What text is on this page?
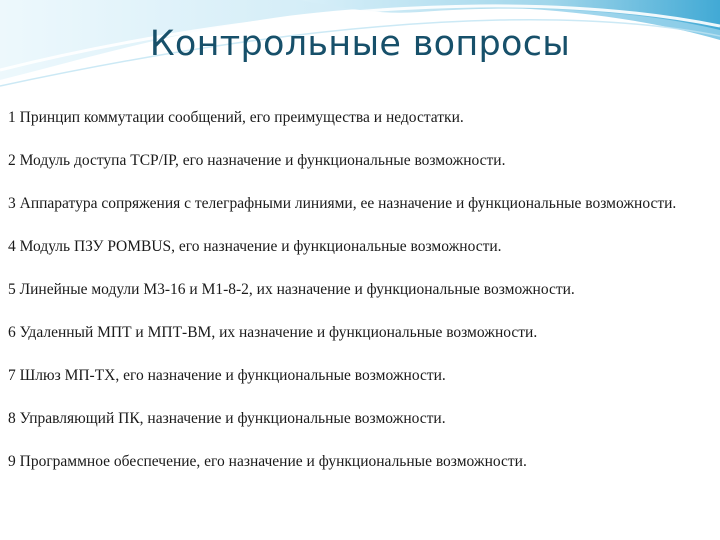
Контрольные вопросы
1 Принцип коммутации сообщений, его преимущества и недостатки.
2 Модуль доступа TCP/IP, его назначение и функциональные возможности.
3 Аппаратура сопряжения с телеграфными линиями, ее назначение и функциональные возможности.
4 Модуль ПЗУ POMBUS, его назначение и функциональные возможности.
5 Линейные модули М3-16 и М1-8-2, их назначение и функциональные возможности.
6 Удаленный МПТ и МПТ-ВМ, их назначение и функциональные возможности.
7 Шлюз МП-TX, его назначение и функциональные возможности.
8 Управляющий ПК, назначение и функциональные возможности.
9 Программное обеспечение, его назначение и функциональные возможности.
